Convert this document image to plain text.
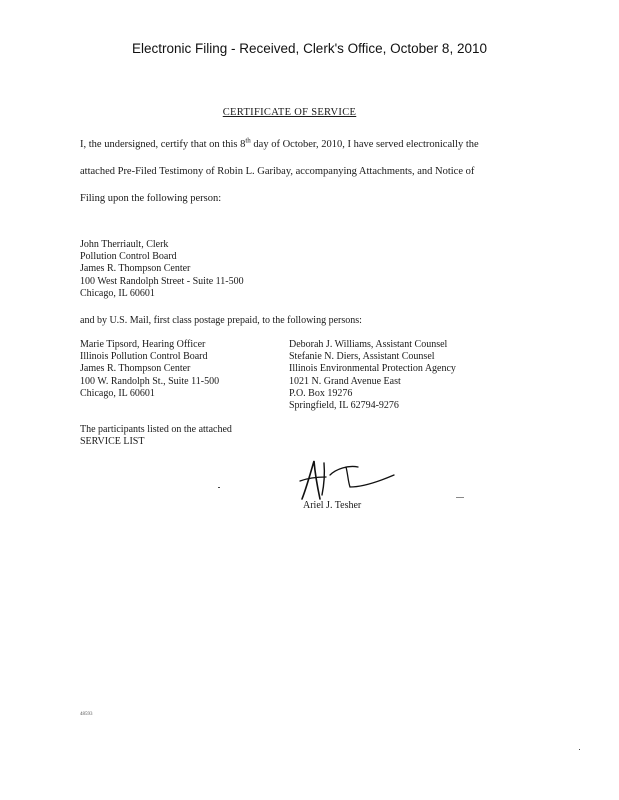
Electronic Filing - Received, Clerk's Office, October 8, 2010
CERTIFICATE OF SERVICE
I, the undersigned, certify that on this 8th day of October, 2010, I have served electronically the
attached Pre-Filed Testimony of Robin L. Garibay, accompanying Attachments, and Notice of
Filing upon the following person:
John Therriault, Clerk
Pollution Control Board
James R. Thompson Center
100 West Randolph Street - Suite 11-500
Chicago, IL 60601
and by U.S. Mail, first class postage prepaid, to the following persons:
Marie Tipsord, Hearing Officer
Illinois Pollution Control Board
James R. Thompson Center
100 W. Randolph St., Suite 11-500
Chicago, IL 60601
Deborah J. Williams, Assistant Counsel
Stefanie N. Diers, Assistant Counsel
Illinois Environmental Protection Agency
1021 N. Grand Avenue East
P.O. Box 19276
Springfield, IL 62794-9276
The participants listed on the attached
SERVICE LIST
Ariel J. Tesher
48593
